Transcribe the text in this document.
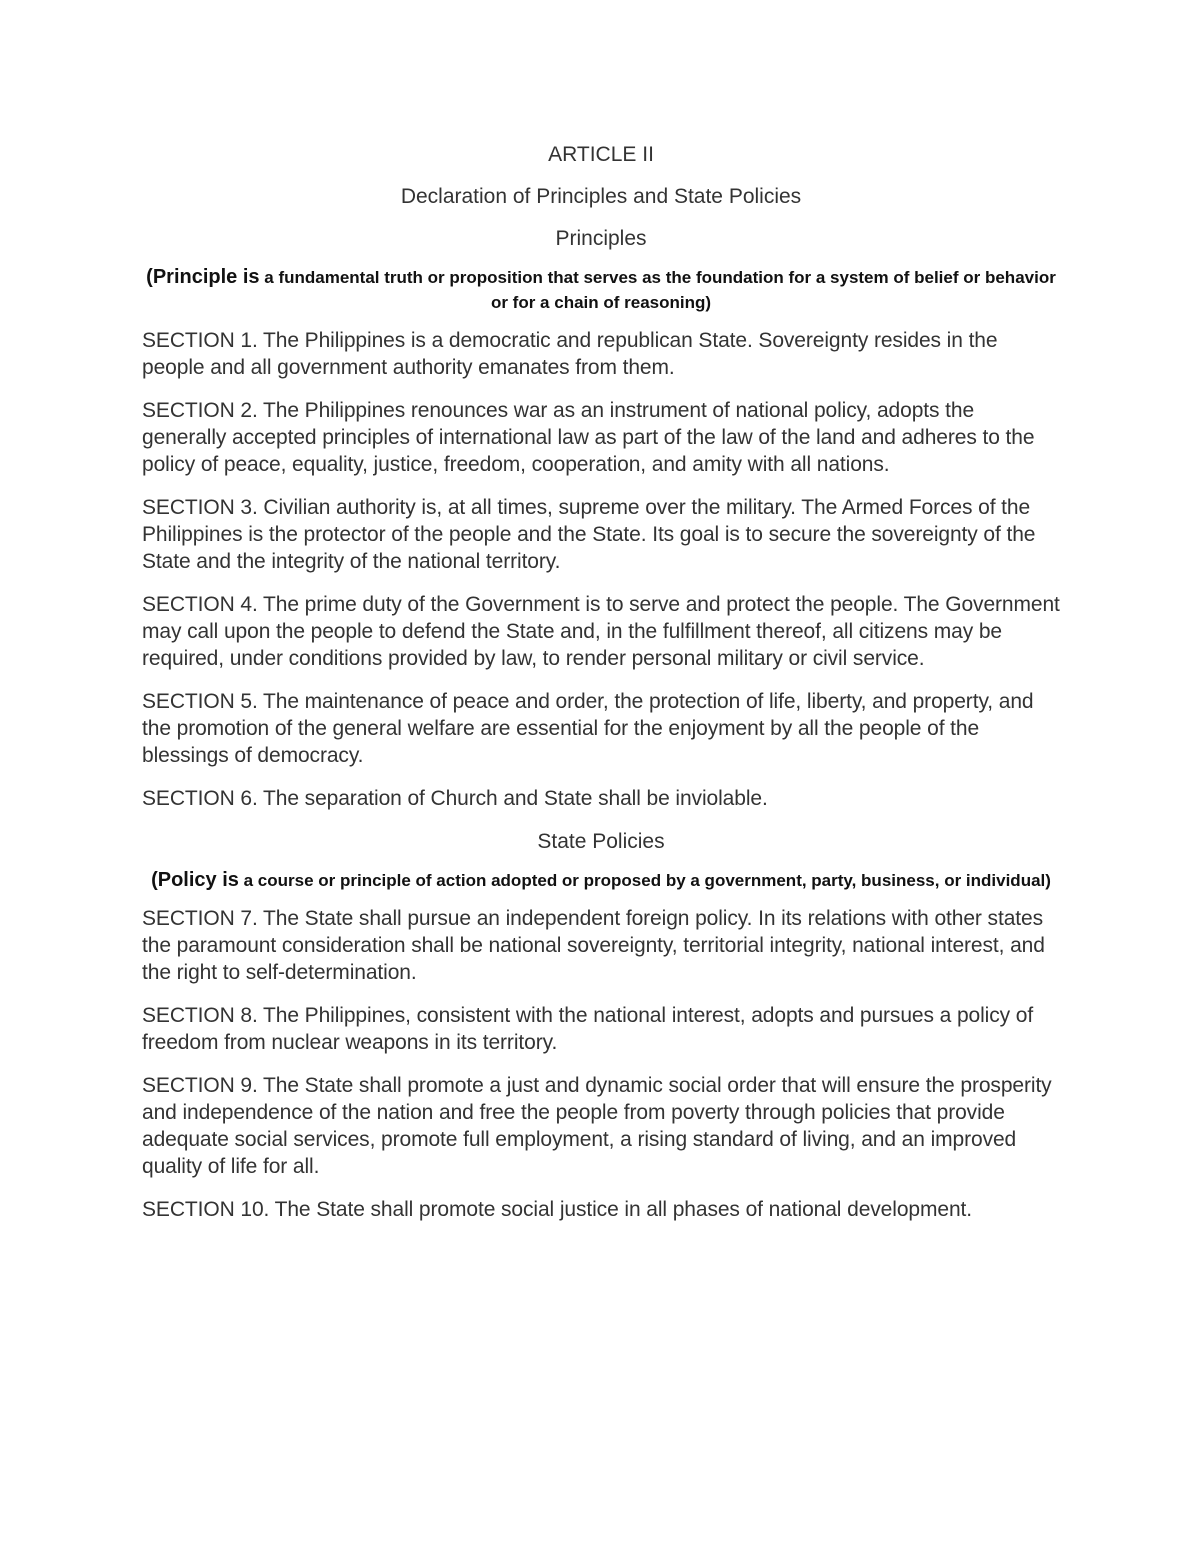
ARTICLE II

Declaration of Principles and State Policies

Principles

(Principle is a fundamental truth or proposition that serves as the foundation for a system of belief or behavior or for a chain of reasoning)

SECTION 1. The Philippines is a democratic and republican State. Sovereignty resides in the people and all government authority emanates from them.

SECTION 2. The Philippines renounces war as an instrument of national policy, adopts the generally accepted principles of international law as part of the law of the land and adheres to the policy of peace, equality, justice, freedom, cooperation, and amity with all nations.

SECTION 3. Civilian authority is, at all times, supreme over the military. The Armed Forces of the Philippines is the protector of the people and the State. Its goal is to secure the sovereignty of the State and the integrity of the national territory.

SECTION 4. The prime duty of the Government is to serve and protect the people. The Government may call upon the people to defend the State and, in the fulfillment thereof, all citizens may be required, under conditions provided by law, to render personal military or civil service.

SECTION 5. The maintenance of peace and order, the protection of life, liberty, and property, and the promotion of the general welfare are essential for the enjoyment by all the people of the blessings of democracy.

SECTION 6. The separation of Church and State shall be inviolable.

State Policies

(Policy is a course or principle of action adopted or proposed by a government, party, business, or individual)

SECTION 7. The State shall pursue an independent foreign policy. In its relations with other states the paramount consideration shall be national sovereignty, territorial integrity, national interest, and the right to self-determination.

SECTION 8. The Philippines, consistent with the national interest, adopts and pursues a policy of freedom from nuclear weapons in its territory.

SECTION 9. The State shall promote a just and dynamic social order that will ensure the prosperity and independence of the nation and free the people from poverty through policies that provide adequate social services, promote full employment, a rising standard of living, and an improved quality of life for all.

SECTION 10. The State shall promote social justice in all phases of national development.
